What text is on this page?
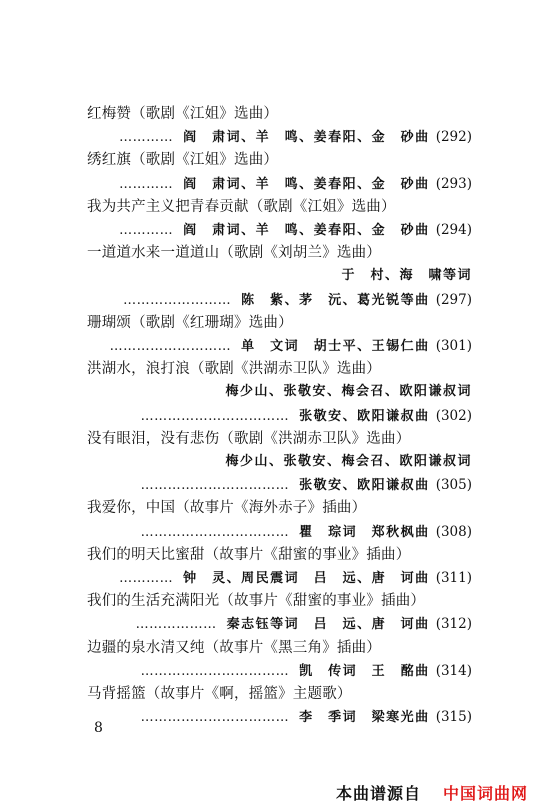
红梅赞（歌剧《江姐》选曲）
………… 阎　肃词、羊　鸣、姜春阳、金　砂曲 (292)
绣红旗（歌剧《江姐》选曲）
………… 阎　肃词、羊　鸣、姜春阳、金　砂曲 (293)
我为共产主义把青春贡献（歌剧《江姐》选曲）
………… 阎　肃词、羊　鸣、姜春阳、金　砂曲 (294)
一道道水来一道道山（歌剧《刘胡兰》选曲）
于　村、海　啸等词
…………………… 陈　紫、茅　沅、葛光锐等曲 (297)
珊瑚颂（歌剧《红珊瑚》选曲）
……………………… 单　文词　胡士平、王锡仁曲 (301)
洪湖水，浪打浪（歌剧《洪湖赤卫队》选曲）
梅少山、张敬安、梅会召、欧阳谦叔词
…………………………… 张敬安、欧阳谦叔曲 (302)
没有眼泪，没有悲伤（歌剧《洪湖赤卫队》选曲）
梅少山、张敬安、梅会召、欧阳谦叔词
…………………………… 张敬安、欧阳谦叔曲 (305)
我爱你，中国（故事片《海外赤子》插曲）
…………………………… 瞿　琮词　郑秋枫曲 (308)
我们的明天比蜜甜（故事片《甜蜜的事业》插曲）
………… 钟　灵、周民震词　吕　远、唐　诃曲 (311)
我们的生活充满阳光（故事片《甜蜜的事业》插曲）
……………… 秦志钰等词　吕　远、唐　诃曲 (312)
边疆的泉水清又纯（故事片《黑三角》插曲）
…………………………… 凯　传词　王　酩曲 (314)
马背摇篮（故事片《啊，摇篮》主题歌）
…………………………… 李　季词　梁寒光曲 (315)
8
本曲谱源自 中国词曲网
